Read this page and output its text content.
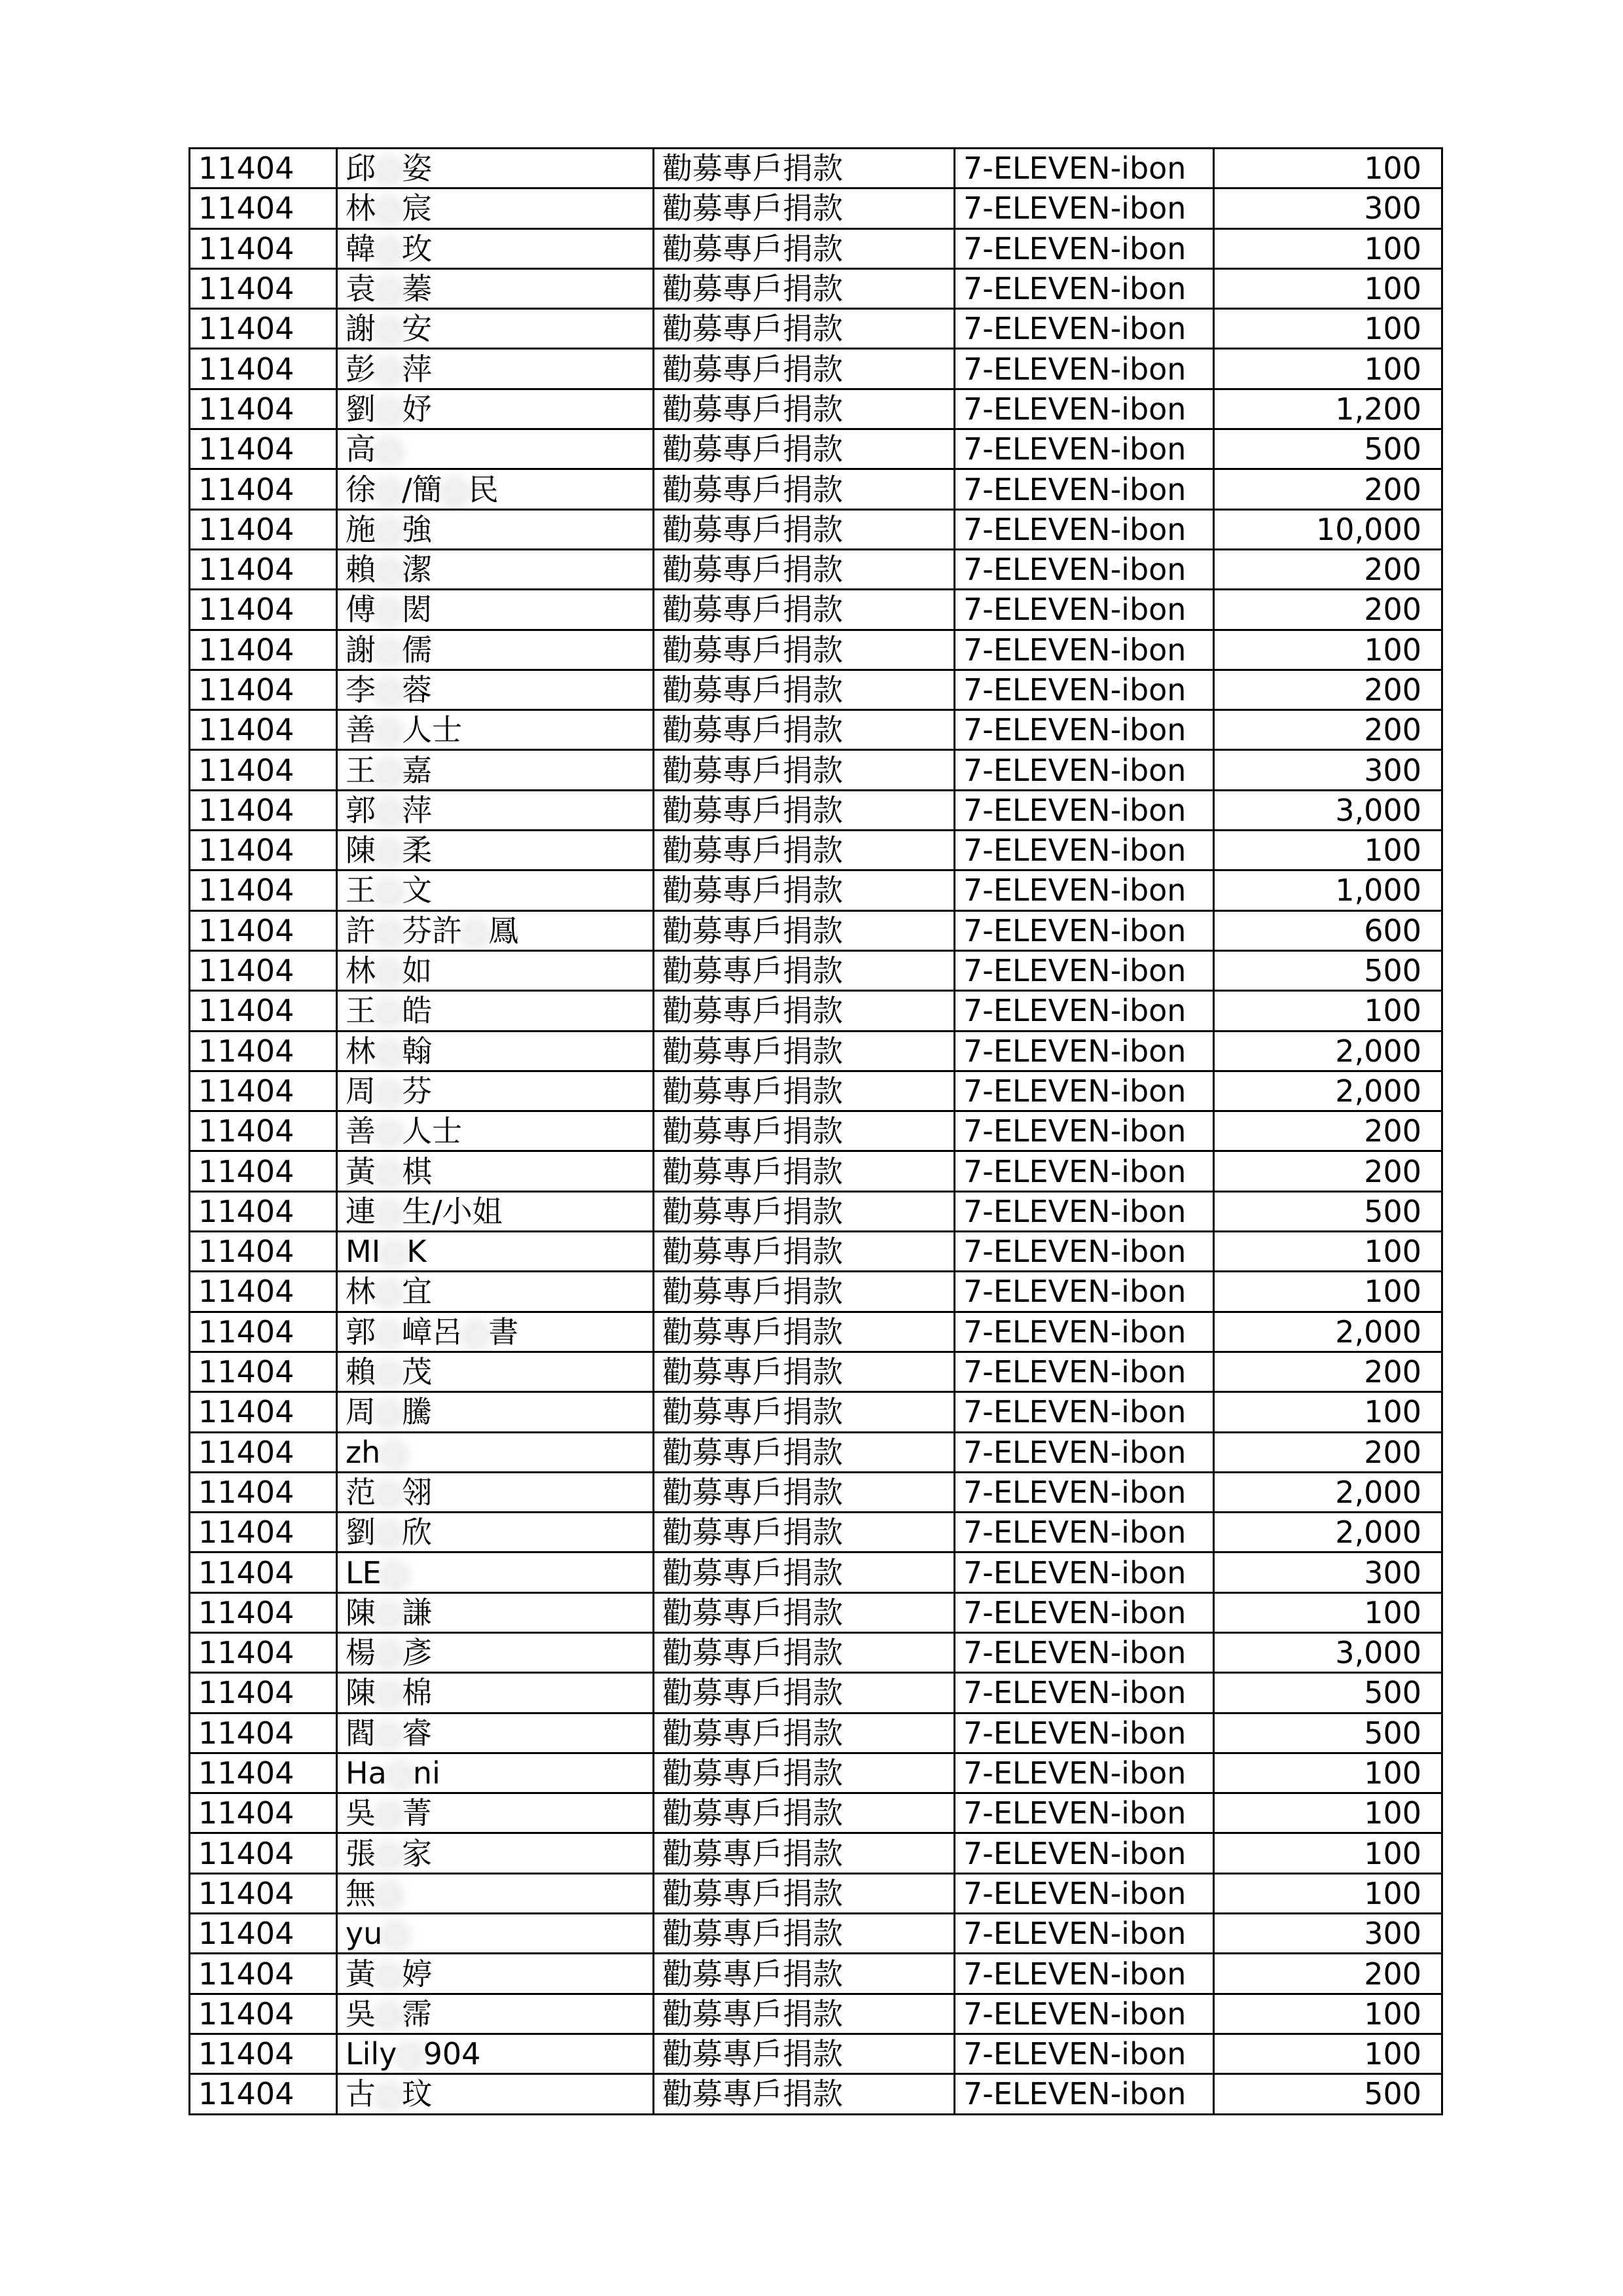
11404	邱○姿	勸募專戶捐款	7-ELEVEN-ibon	100
11404	林○宸	勸募專戶捐款	7-ELEVEN-ibon	300
11404	韓○玫	勸募專戶捐款	7-ELEVEN-ibon	100
11404	袁○蓁	勸募專戶捐款	7-ELEVEN-ibon	100
11404	謝○安	勸募專戶捐款	7-ELEVEN-ibon	100
11404	彭○萍	勸募專戶捐款	7-ELEVEN-ibon	100
11404	劉○妤	勸募專戶捐款	7-ELEVEN-ibon	1,200
11404	高○	勸募專戶捐款	7-ELEVEN-ibon	500
11404	徐○/簡○民	勸募專戶捐款	7-ELEVEN-ibon	200
11404	施○強	勸募專戶捐款	7-ELEVEN-ibon	10,000
11404	賴○潔	勸募專戶捐款	7-ELEVEN-ibon	200
11404	傅○閎	勸募專戶捐款	7-ELEVEN-ibon	200
11404	謝○儒	勸募專戶捐款	7-ELEVEN-ibon	100
11404	李○蓉	勸募專戶捐款	7-ELEVEN-ibon	200
11404	善○人士	勸募專戶捐款	7-ELEVEN-ibon	200
11404	王○嘉	勸募專戶捐款	7-ELEVEN-ibon	300
11404	郭○萍	勸募專戶捐款	7-ELEVEN-ibon	3,000
11404	陳○柔	勸募專戶捐款	7-ELEVEN-ibon	100
11404	王○文	勸募專戶捐款	7-ELEVEN-ibon	1,000
11404	許○芬許○鳳	勸募專戶捐款	7-ELEVEN-ibon	600
11404	林○如	勸募專戶捐款	7-ELEVEN-ibon	500
11404	王○皓	勸募專戶捐款	7-ELEVEN-ibon	100
11404	林○翰	勸募專戶捐款	7-ELEVEN-ibon	2,000
11404	周○芬	勸募專戶捐款	7-ELEVEN-ibon	2,000
11404	善○人士	勸募專戶捐款	7-ELEVEN-ibon	200
11404	黃○棋	勸募專戶捐款	7-ELEVEN-ibon	200
11404	連○生/小姐	勸募專戶捐款	7-ELEVEN-ibon	500
11404	MI○K	勸募專戶捐款	7-ELEVEN-ibon	100
11404	林○宜	勸募專戶捐款	7-ELEVEN-ibon	100
11404	郭○嶂呂○書	勸募專戶捐款	7-ELEVEN-ibon	2,000
11404	賴○茂	勸募專戶捐款	7-ELEVEN-ibon	200
11404	周○騰	勸募專戶捐款	7-ELEVEN-ibon	100
11404	zh○	勸募專戶捐款	7-ELEVEN-ibon	200
11404	范○翎	勸募專戶捐款	7-ELEVEN-ibon	2,000
11404	劉○欣	勸募專戶捐款	7-ELEVEN-ibon	2,000
11404	LE○	勸募專戶捐款	7-ELEVEN-ibon	300
11404	陳○謙	勸募專戶捐款	7-ELEVEN-ibon	100
11404	楊○彥	勸募專戶捐款	7-ELEVEN-ibon	3,000
11404	陳○棉	勸募專戶捐款	7-ELEVEN-ibon	500
11404	閻○睿	勸募專戶捐款	7-ELEVEN-ibon	500
11404	Ha○ni	勸募專戶捐款	7-ELEVEN-ibon	100
11404	吳○菁	勸募專戶捐款	7-ELEVEN-ibon	100
11404	張○家	勸募專戶捐款	7-ELEVEN-ibon	100
11404	無○	勸募專戶捐款	7-ELEVEN-ibon	100
11404	yu○	勸募專戶捐款	7-ELEVEN-ibon	300
11404	黃○婷	勸募專戶捐款	7-ELEVEN-ibon	200
11404	吳○霈	勸募專戶捐款	7-ELEVEN-ibon	100
11404	Lily○904	勸募專戶捐款	7-ELEVEN-ibon	100
11404	古○玟	勸募專戶捐款	7-ELEVEN-ibon	500
